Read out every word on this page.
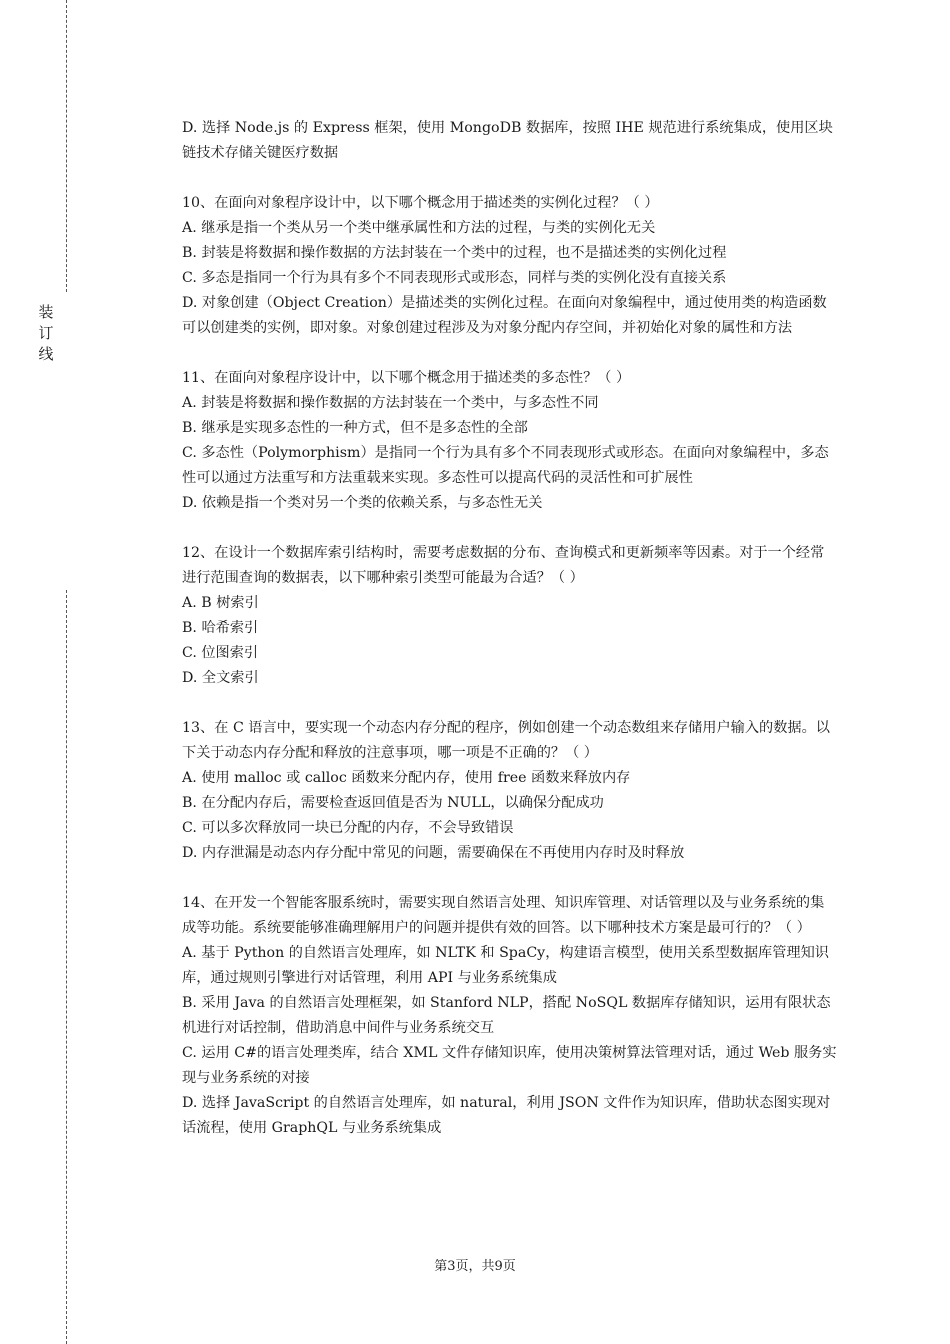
装
订
线

D. 选择 Node.js 的 Express 框架，使用 MongoDB 数据库，按照 IHE 规范进行系统集成，使用区块链技术存储关键医疗数据

10、在面向对象程序设计中，以下哪个概念用于描述类的实例化过程？（ ）

A. 继承是指一个类从另一个类中继承属性和方法的过程，与类的实例化无关

B. 封装是将数据和操作数据的方法封装在一个类中的过程，也不是描述类的实例化过程

C. 多态是指同一个行为具有多个不同表现形式或形态，同样与类的实例化没有直接关系

D. 对象创建（Object Creation）是描述类的实例化过程。在面向对象编程中，通过使用类的构造函数可以创建类的实例，即对象。对象创建过程涉及为对象分配内存空间，并初始化对象的属性和方法

11、在面向对象程序设计中，以下哪个概念用于描述类的多态性？（ ）

A. 封装是将数据和操作数据的方法封装在一个类中，与多态性不同

B. 继承是实现多态性的一种方式，但不是多态性的全部

C. 多态性（Polymorphism）是指同一个行为具有多个不同表现形式或形态。在面向对象编程中，多态性可以通过方法重写和方法重载来实现。多态性可以提高代码的灵活性和可扩展性

D. 依赖是指一个类对另一个类的依赖关系，与多态性无关

12、在设计一个数据库索引结构时，需要考虑数据的分布、查询模式和更新频率等因素。对于一个经常进行范围查询的数据表，以下哪种索引类型可能最为合适？（ ）

A. B 树索引

B. 哈希索引

C. 位图索引

D. 全文索引

13、在 C 语言中，要实现一个动态内存分配的程序，例如创建一个动态数组来存储用户输入的数据。以下关于动态内存分配和释放的注意事项，哪一项是不正确的？（ ）

A. 使用 malloc 或 calloc 函数来分配内存，使用 free 函数来释放内存

B. 在分配内存后，需要检查返回值是否为 NULL，以确保分配成功

C. 可以多次释放同一块已分配的内存，不会导致错误

D. 内存泄漏是动态内存分配中常见的问题，需要确保在不再使用内存时及时释放

14、在开发一个智能客服系统时，需要实现自然语言处理、知识库管理、对话管理以及与业务系统的集成等功能。系统要能够准确理解用户的问题并提供有效的回答。以下哪种技术方案是最可行的？（ ）

A. 基于 Python 的自然语言处理库，如 NLTK 和 SpaCy，构建语言模型，使用关系型数据库管理知识库，通过规则引擎进行对话管理，利用 API 与业务系统集成

B. 采用 Java 的自然语言处理框架，如 Stanford NLP，搭配 NoSQL 数据库存储知识，运用有限状态机进行对话控制，借助消息中间件与业务系统交互

C. 运用 C#的语言处理类库，结合 XML 文件存储知识库，使用决策树算法管理对话，通过 Web 服务实现与业务系统的对接

D. 选择 JavaScript 的自然语言处理库，如 natural，利用 JSON 文件作为知识库，借助状态图实现对话流程，使用 GraphQL 与业务系统集成

第3页，共9页
